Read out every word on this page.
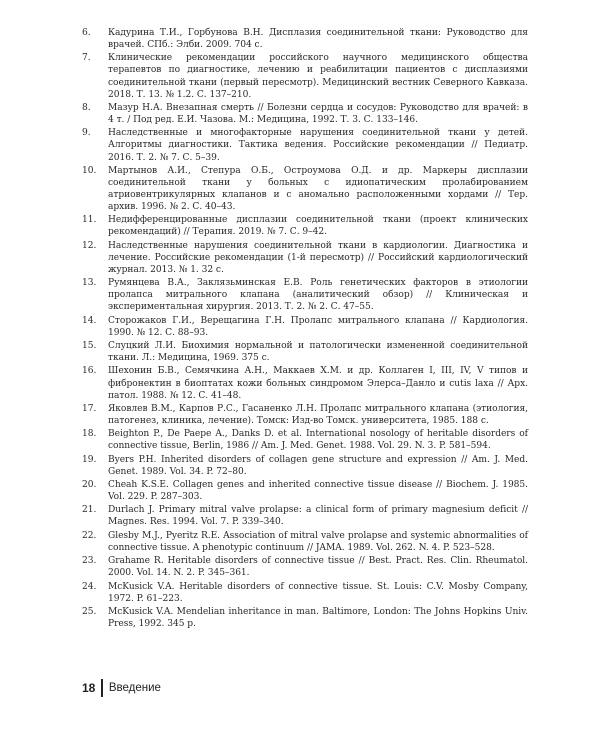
6.	Кадурина Т.И., Горбунова В.Н. Дисплазия соединительной ткани: Руководство для врачей. СПб.: Элби. 2009. 704 с.
7.	Клинические рекомендации российского научного медицинского общества терапевтов по диагностике, лечению и реабилитации пациентов с дисплазиями соединительной ткани (первый пересмотр). Медицинский вестник Северного Кавказа. 2018. Т. 13. № 1.2. С. 137–210.
8.	Мазур Н.А. Внезапная смерть // Болезни сердца и сосудов: Руководство для врачей: в 4 т. / Под ред. Е.И. Чазова. М.: Медицина, 1992. Т. 3. С. 133–146.
9.	Наследственные и многофакторные нарушения соединительной ткани у детей. Алгоритмы диагностики. Тактика ведения. Российские рекомендации // Педиатр. 2016. Т. 2. № 7. С. 5–39.
10.	Мартынов А.И., Степура О.Б., Остроумова О.Д. и др. Маркеры дисплазии соединительной ткани у больных с идиопатическим пролабированием атриовентрикулярных клапанов и с аномально расположенными хордами // Тер. архив. 1996. № 2. С. 40–43.
11.	Недифференцированные дисплазии соединительной ткани (проект клинических рекомендаций) // Терапия. 2019. № 7. С. 9–42.
12.	Наследственные нарушения соединительной ткани в кардиологии. Диагностика и лечение. Российские рекомендации (1-й пересмотр) // Российский кардиологический журнал. 2013. № 1. 32 с.
13.	Румянцева В.А., Заклязьминская Е.В. Роль генетических факторов в этиологии пролапса митрального клапана (аналитический обзор) // Клиническая и экспериментальная хирургия. 2013. Т. 2. № 2. С. 47–55.
14.	Сторожаков Г.И., Верещагина Г.Н. Пролапс митрального клапана // Кардиология. 1990. № 12. С. 88–93.
15.	Слуцкий Л.И. Биохимия нормальной и патологически измененной соединительной ткани. Л.: Медицина, 1969. 375 с.
16.	Шехонин Б.В., Семячкина А.Н., Маккаев Х.М. и др. Коллаген I, III, IV, V типов и фибронектин в биоптатах кожи больных синдромом Элерса–Данло и cutis laxa // Арх. патол. 1988. № 12. С. 41–48.
17.	Яковлев В.М., Карпов Р.С., Гасаненко Л.Н. Пролапс митрального клапана (этиология, патогенез, клиника, лечение). Томск: Изд-во Томск. университета, 1985. 188 с.
18.	Beighton P., De Paepe A., Danks D. et al. International nosology of heritable disorders of connective tissue, Berlin, 1986 // Am. J. Med. Genet. 1988. Vol. 29. N. 3. P. 581–594.
19.	Byers P.H. Inherited disorders of collagen gene structure and expression // Am. J. Med. Genet. 1989. Vol. 34. P. 72–80.
20.	Cheah K.S.E. Collagen genes and inherited connective tissue disease // Biochem. J. 1985. Vol. 229. P. 287–303.
21.	Durlach J. Primary mitral valve prolapse: a clinical form of primary magnesium deficit // Magnes. Res. 1994. Vol. 7. P. 339–340.
22.	Glesby M.J., Pyeritz R.E. Association of mitral valve prolapse and systemic abnormalities of connective tissue. A phenotypic continuum // JAMA. 1989. Vol. 262. N. 4. P. 523–528.
23.	Grahame R. Heritable disorders of connective tissue // Best. Pract. Res. Clin. Rheumatol. 2000. Vol. 14. N. 2. P. 345–361.
24.	McKusick V.A. Heritable disorders of connective tissue. St. Louis: C.V. Mosby Company, 1972. P. 61–223.
25.	McKusick V.A. Mendelian inheritance in man. Baltimore, London: The Johns Hopkins Univ. Press, 1992. 345 p.
18	Введение
